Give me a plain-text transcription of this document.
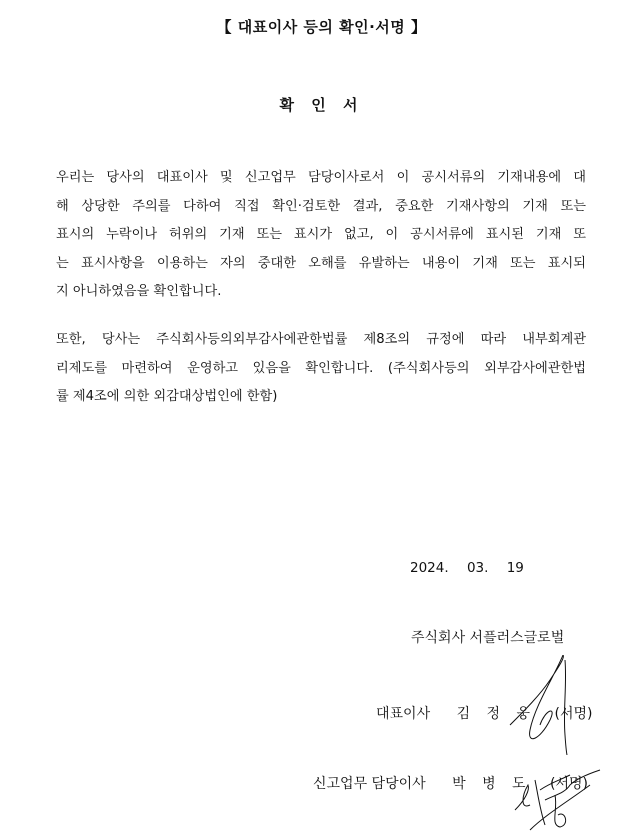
【 대표이사 등의 확인·서명 】
확 인 서
우리는 당사의 대표이사 및 신고업무 담당이사로서 이 공시서류의 기재내용에 대
해 상당한 주의를 다하여 직접 확인·검토한 결과, 중요한 기재사항의 기재 또는
표시의 누락이나 허위의 기재 또는 표시가 없고, 이 공시서류에 표시된 기재 또
는 표시사항을 이용하는 자의 중대한 오해를 유발하는 내용이 기재 또는 표시되
지 아니하였음을 확인합니다.
또한, 당사는 주식회사등의외부감사에관한법률 제8조의 규정에 따라 내부회계관
리제도를 마련하여 운영하고 있음을 확인합니다. (주식회사등의 외부감사에관한법
률 제4조에 의한 외감대상법인에 한함)
2024. 03. 19
주식회사 서플러스글로벌
대표이사 김 정 웅 (서명)
신고업무 담당이사 박 병 도 (서명)
